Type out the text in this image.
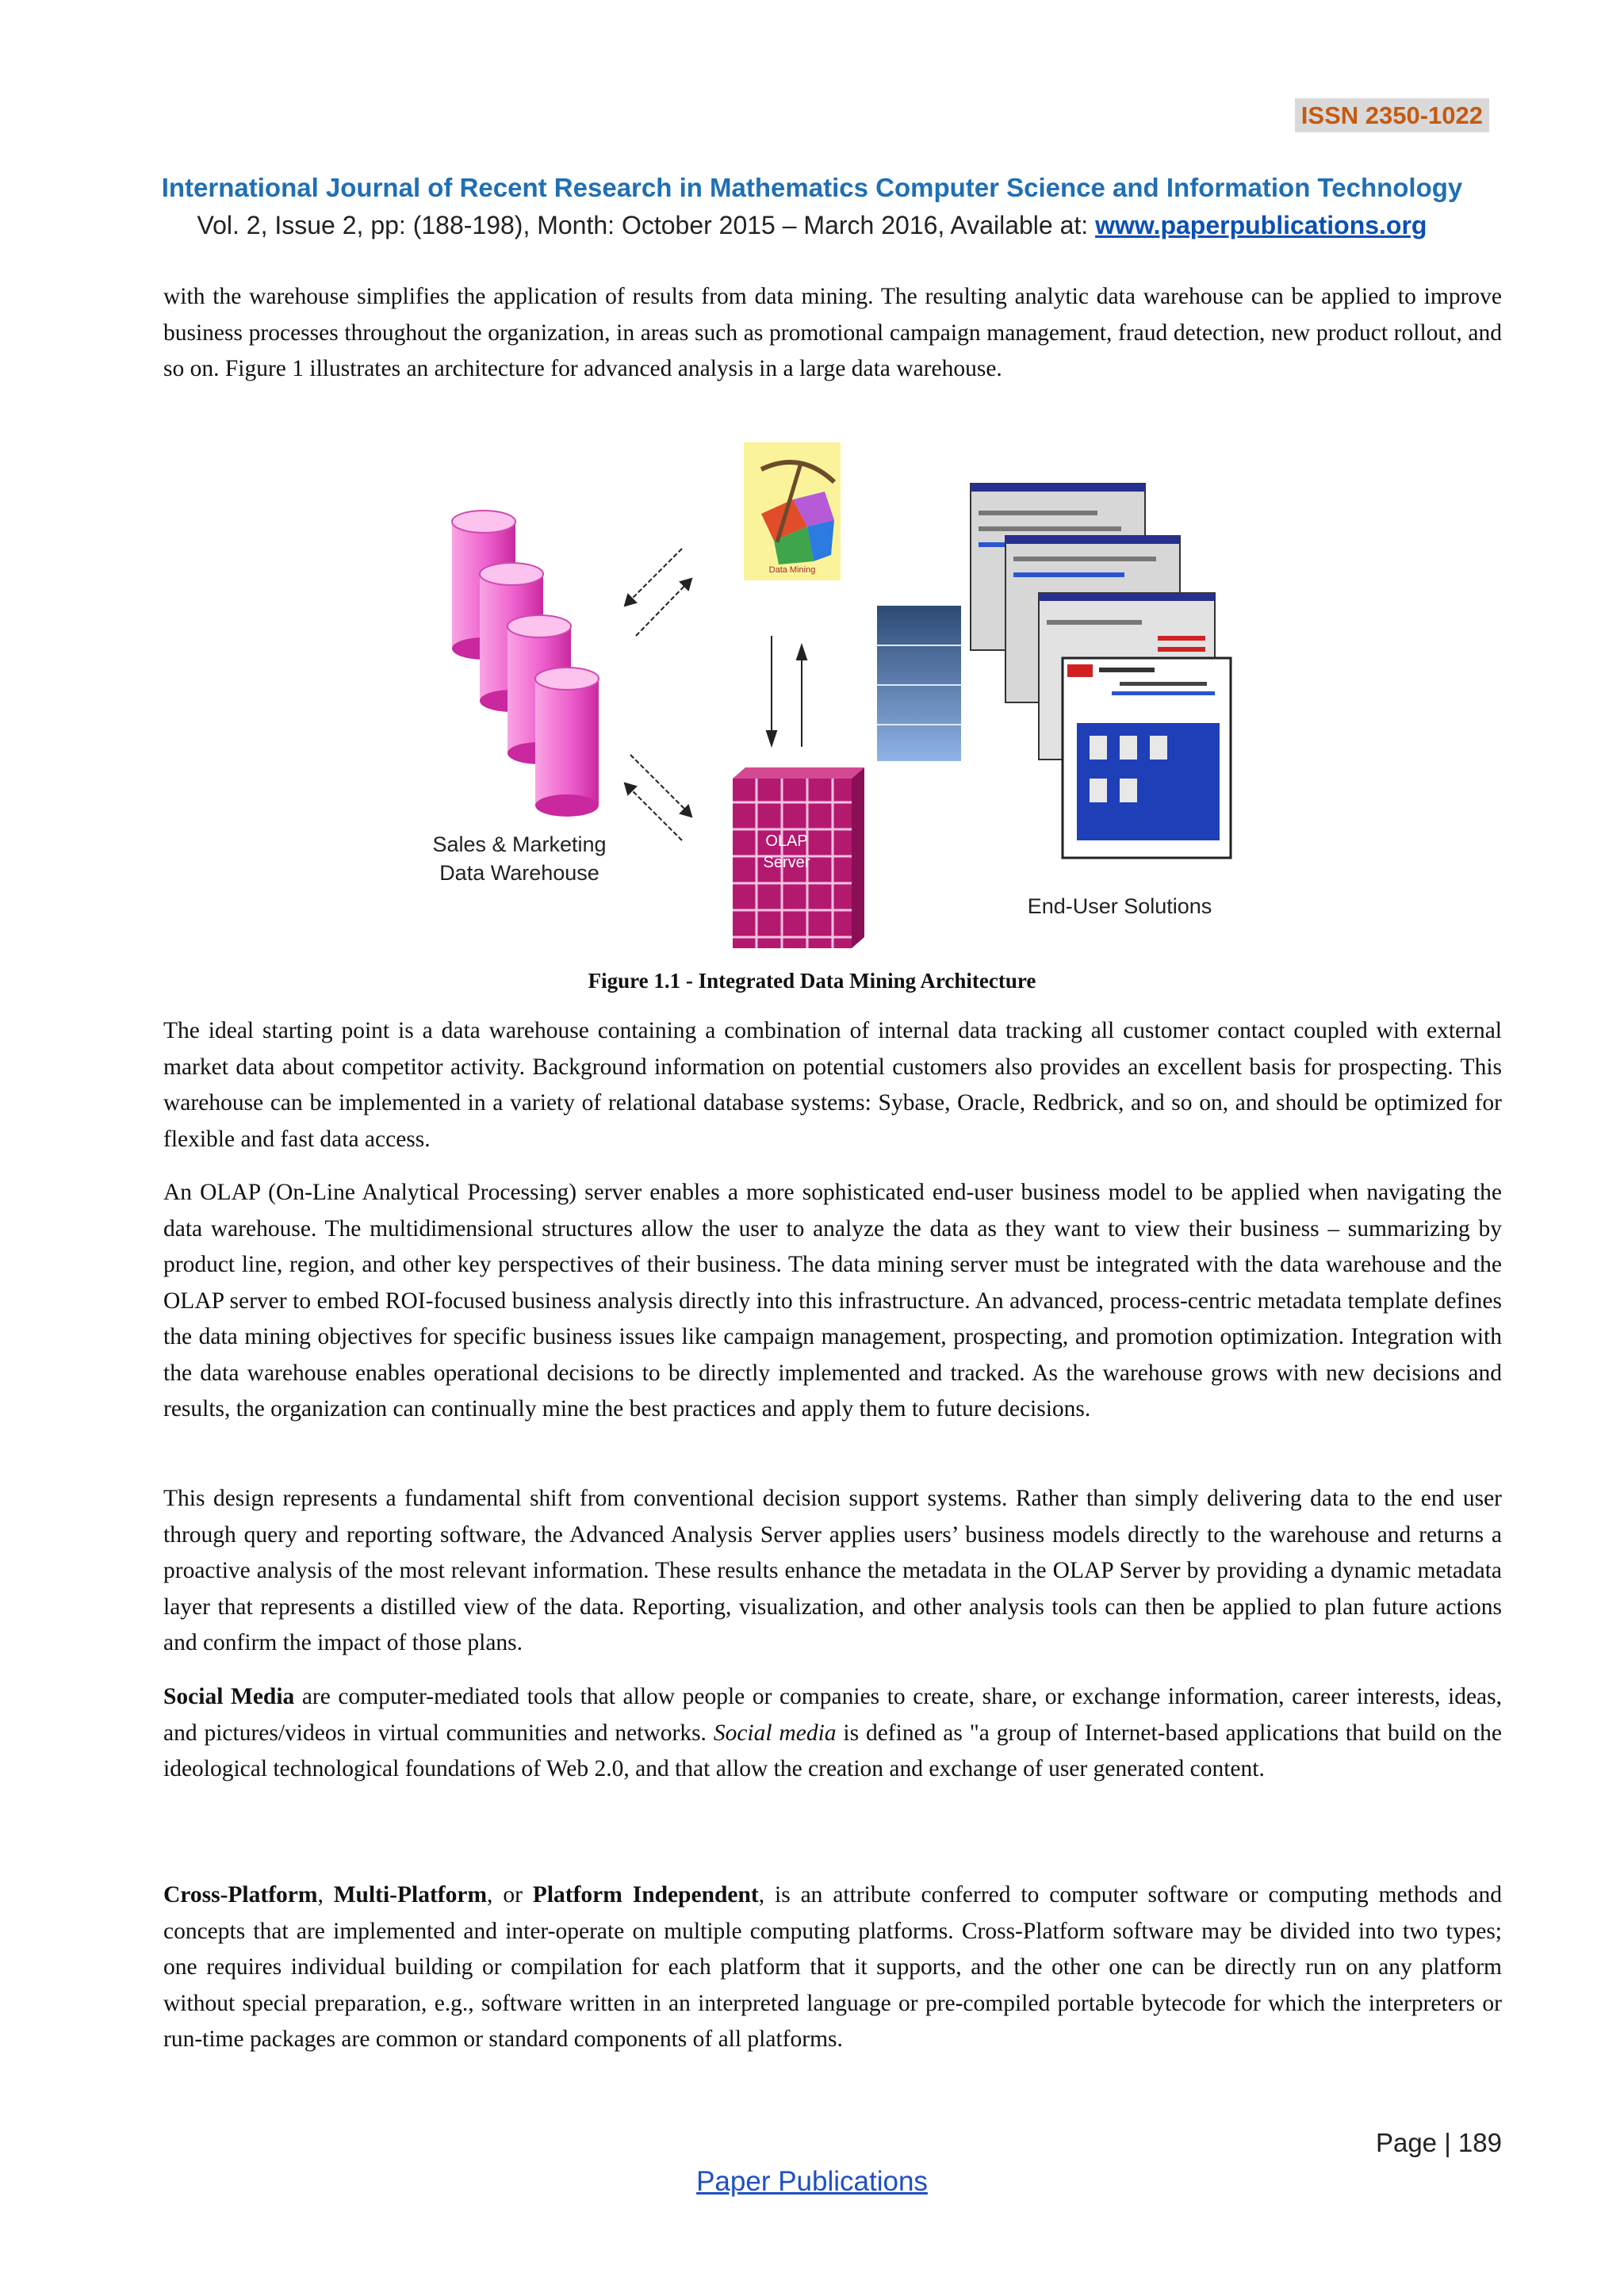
ISSN 2350-1022
International Journal of Recent Research in Mathematics Computer Science and Information Technology
Vol. 2, Issue 2, pp: (188-198), Month: October 2015 – March 2016, Available at: www.paperpublications.org

with the warehouse simplifies the application of results from data mining. The resulting analytic data warehouse can be applied to improve business processes throughout the organization, in areas such as promotional campaign management, fraud detection, new product rollout, and so on. Figure 1 illustrates an architecture for advanced analysis in a large data warehouse.

Sales & Marketing
Data Warehouse
Data Mining
OLAP
Server
End-User Solutions
Figure 1.1 - Integrated Data Mining Architecture

The ideal starting point is a data warehouse containing a combination of internal data tracking all customer contact coupled with external market data about competitor activity. Background information on potential customers also provides an excellent basis for prospecting. This warehouse can be implemented in a variety of relational database systems: Sybase, Oracle, Redbrick, and so on, and should be optimized for flexible and fast data access.

An OLAP (On-Line Analytical Processing) server enables a more sophisticated end-user business model to be applied when navigating the data warehouse. The multidimensional structures allow the user to analyze the data as they want to view their business – summarizing by product line, region, and other key perspectives of their business. The data mining server must be integrated with the data warehouse and the OLAP server to embed ROI-focused business analysis directly into this infrastructure. An advanced, process-centric metadata template defines the data mining objectives for specific business issues like campaign management, prospecting, and promotion optimization. Integration with the data warehouse enables operational decisions to be directly implemented and tracked. As the warehouse grows with new decisions and results, the organization can continually mine the best practices and apply them to future decisions.

This design represents a fundamental shift from conventional decision support systems. Rather than simply delivering data to the end user through query and reporting software, the Advanced Analysis Server applies users’ business models directly to the warehouse and returns a proactive analysis of the most relevant information. These results enhance the metadata in the OLAP Server by providing a dynamic metadata layer that represents a distilled view of the data. Reporting, visualization, and other analysis tools can then be applied to plan future actions and confirm the impact of those plans.

Social Media are computer-mediated tools that allow people or companies to create, share, or exchange information, career interests, ideas, and pictures/videos in virtual communities and networks. Social media is defined as "a group of Internet-based applications that build on the ideological technological foundations of Web 2.0, and that allow the creation and exchange of user generated content.

Cross-Platform, Multi-Platform, or Platform Independent, is an attribute conferred to computer software or computing methods and concepts that are implemented and inter-operate on multiple computing platforms. Cross-Platform software may be divided into two types; one requires individual building or compilation for each platform that it supports, and the other one can be directly run on any platform without special preparation, e.g., software written in an interpreted language or pre-compiled portable bytecode for which the interpreters or run-time packages are common or standard components of all platforms.

Page | 189
Paper Publications
